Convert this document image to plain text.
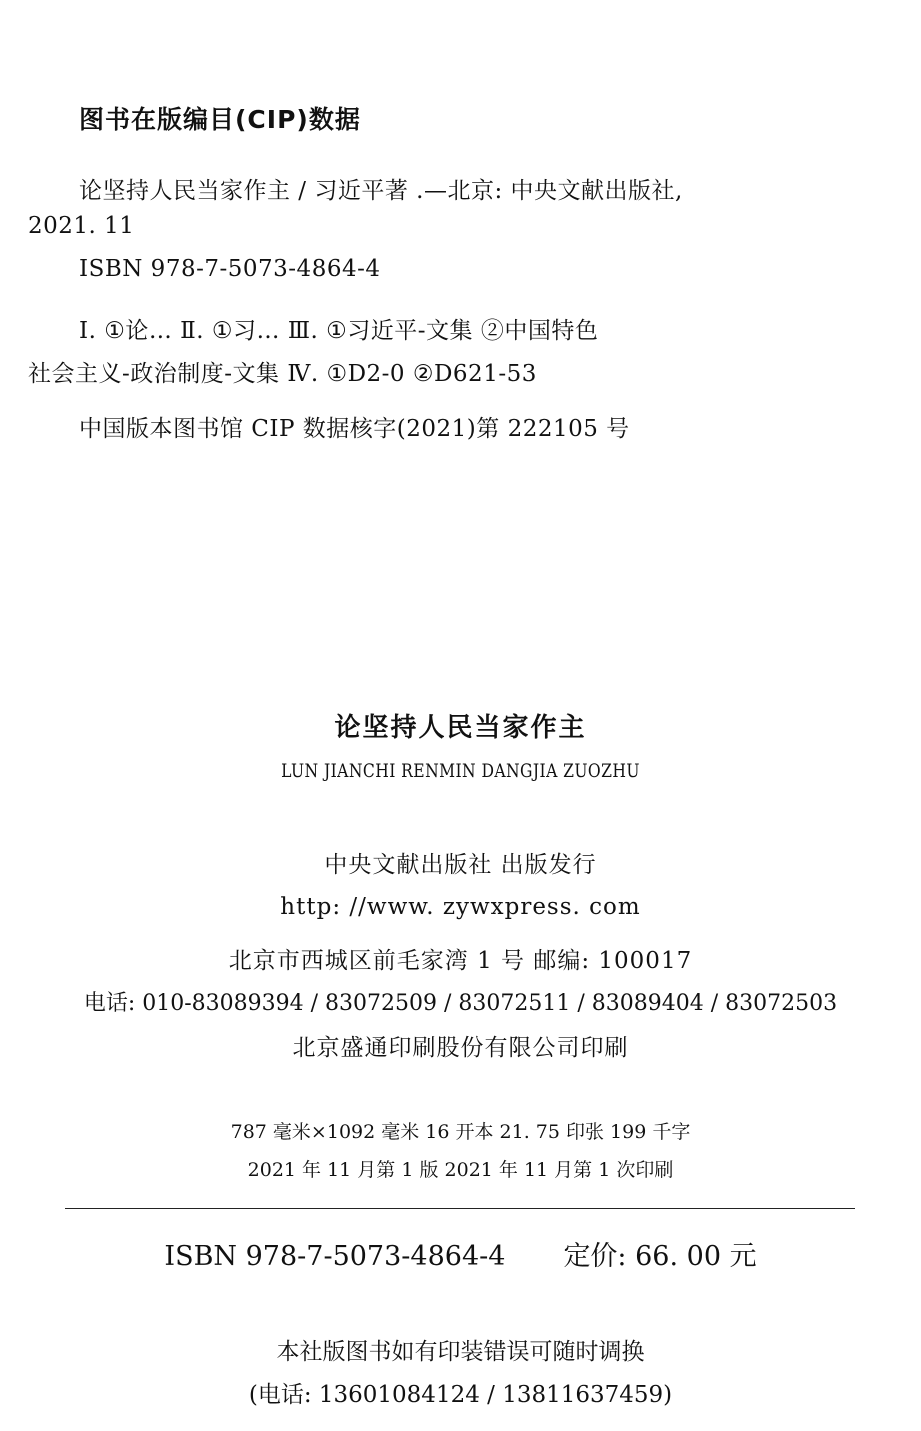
图书在版编目(CIP)数据
论坚持人民当家作主 / 习近平著 .—北京: 中央文献出版社,
2021. 11
ISBN 978-7-5073-4864-4
Ⅰ. ①论… Ⅱ. ①习… Ⅲ. ①习近平-文集 ②中国特色
社会主义-政治制度-文集 Ⅳ. ①D2-0 ②D621-53
中国版本图书馆 CIP 数据核字(2021)第 222105 号
论坚持人民当家作主
LUN JIANCHI RENMIN DANGJIA ZUOZHU
中央文献出版社 出版发行
http: //www. zywxpress. com
北京市西城区前毛家湾 1 号 邮编: 100017
电话: 010-83089394 / 83072509 / 83072511 / 83089404 / 83072503
北京盛通印刷股份有限公司印刷
787 毫米×1092 毫米 16 开本 21. 75 印张 199 千字
2021 年 11 月第 1 版 2021 年 11 月第 1 次印刷
ISBN 978-7-5073-4864-4 定价: 66. 00 元
本社版图书如有印装错误可随时调换
(电话: 13601084124 / 13811637459)
